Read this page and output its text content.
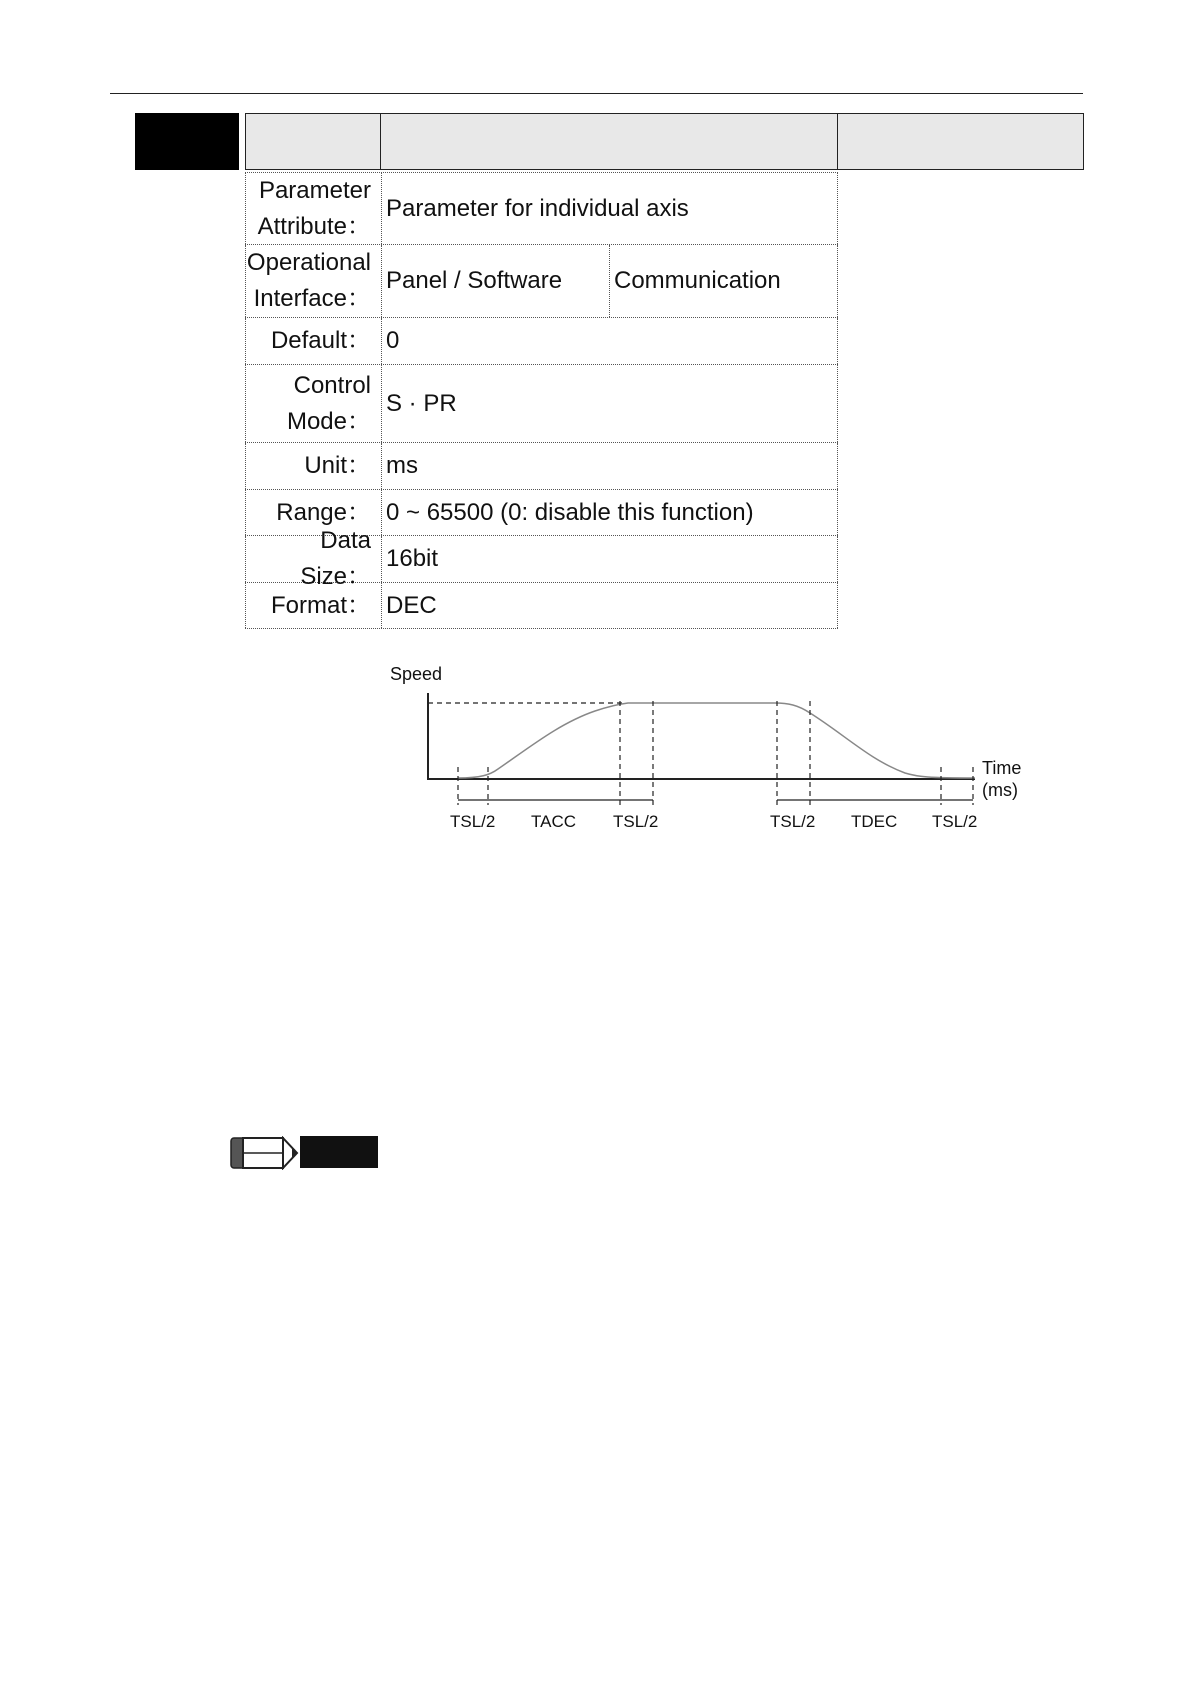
Parameter
Attribute：
Parameter for individual axis
Operational
Interface：
Panel / Software	Communication
Default： 0
Control
Mode：
S · PR
Unit： ms
Range： 0 ~ 65500 (0: disable this function)
Data Size：
16bit
Format： DEC
Speed
TSL/2 TACC TSL/2	TSL/2 TDEC TSL/2
Time
(ms)
